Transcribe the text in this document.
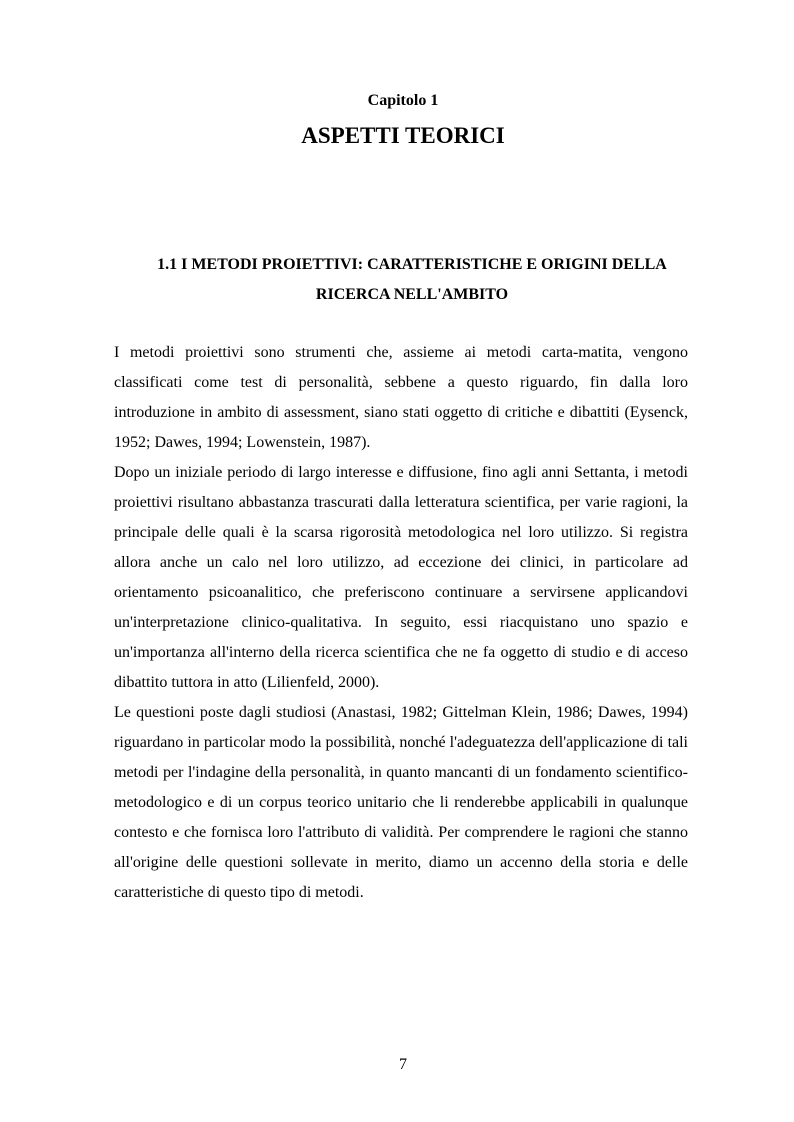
Capitolo 1
ASPETTI TEORICI
1.1 I METODI PROIETTIVI: CARATTERISTICHE E ORIGINI DELLA RICERCA NELL'AMBITO

I metodi proiettivi sono strumenti che, assieme ai metodi carta-matita, vengono classificati come test di personalità, sebbene a questo riguardo, fin dalla loro introduzione in ambito di assessment, siano stati oggetto di critiche e dibattiti (Eysenck, 1952; Dawes, 1994; Lowenstein, 1987).

Dopo un iniziale periodo di largo interesse e diffusione, fino agli anni Settanta, i metodi proiettivi risultano abbastanza trascurati dalla letteratura scientifica, per varie ragioni, la principale delle quali è la scarsa rigorosità metodologica nel loro utilizzo. Si registra allora anche un calo nel loro utilizzo, ad eccezione dei clinici, in particolare ad orientamento psicoanalitico, che preferiscono continuare a servirsene applicandovi un'interpretazione clinico-qualitativa. In seguito, essi riacquistano uno spazio e un'importanza all'interno della ricerca scientifica che ne fa oggetto di studio e di acceso dibattito tuttora in atto (Lilienfeld, 2000).

Le questioni poste dagli studiosi (Anastasi, 1982; Gittelman Klein, 1986; Dawes, 1994) riguardano in particolar modo la possibilità, nonché l'adeguatezza dell'applicazione di tali metodi per l'indagine della personalità, in quanto mancanti di un fondamento scientifico-metodologico e di un corpus teorico unitario che li renderebbe applicabili in qualunque contesto e che fornisca loro l'attributo di validità. Per comprendere le ragioni che stanno all'origine delle questioni sollevate in merito, diamo un accenno della storia e delle caratteristiche di questo tipo di metodi.

7
